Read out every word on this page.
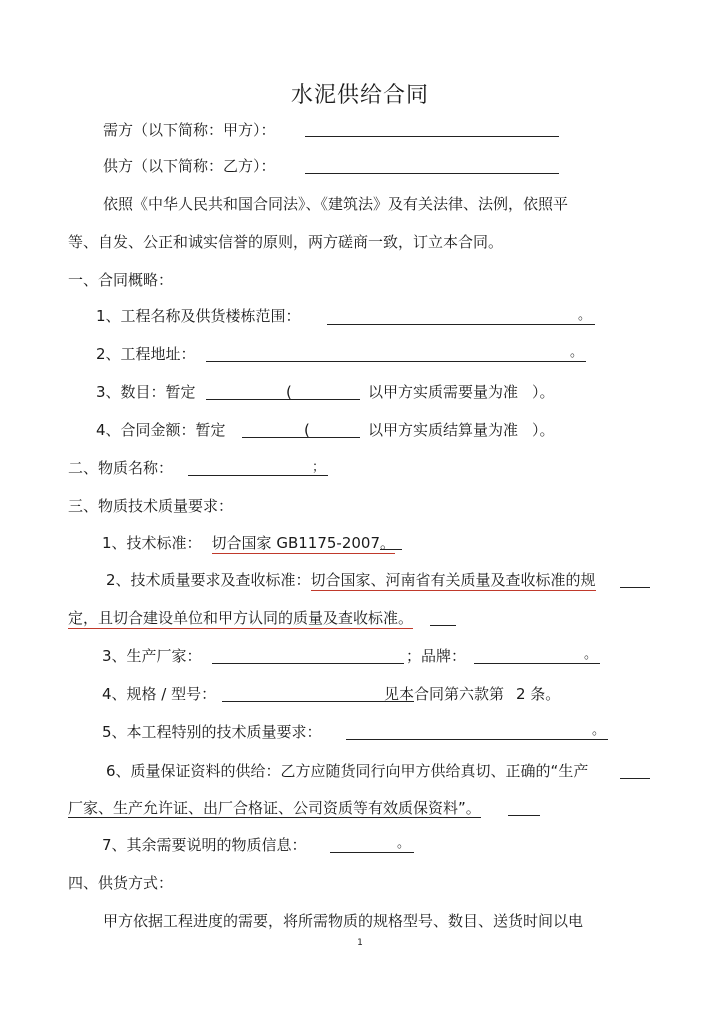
水泥供给合同
需方（以下简称：甲方）：
供方（以下简称：乙方）：
依照《中华人民共和国合同法》、《建筑法》及有关法律、法例，依照平
等、自发、公正和诚实信誉的原则，两方磋商一致，订立本合同。
一、合同概略：
1、工程名称及供货楼栋范围：	。
2、工程地址：	。
3、数目：暂定	(	以甲方实质需要量为准 ）。
4、合同金额：暂定	(	以甲方实质结算量为准 ）。
二、物质名称：	；
三、物质技术质量要求：
1、技术标准： 切合国家 GB1175-2007。
2、技术质量要求及查收标准：切合国家、河南省有关质量及查收标准的规
定，且切合建设单位和甲方认同的质量及查收标准。
3、生产厂家：	；品牌：	。
4、规格 / 型号：	见本合同第六款第 2 条。
5、本工程特别的技术质量要求：	。
6、质量保证资料的供给：乙方应随货同行向甲方供给真切、正确的“生产
厂家、生产允许证、出厂合格证、公司资质等有效质保资料”。
7、其余需要说明的物质信息：	。
四、供货方式：
甲方依据工程进度的需要，将所需物质的规格型号、数目、送货时间以电
1
